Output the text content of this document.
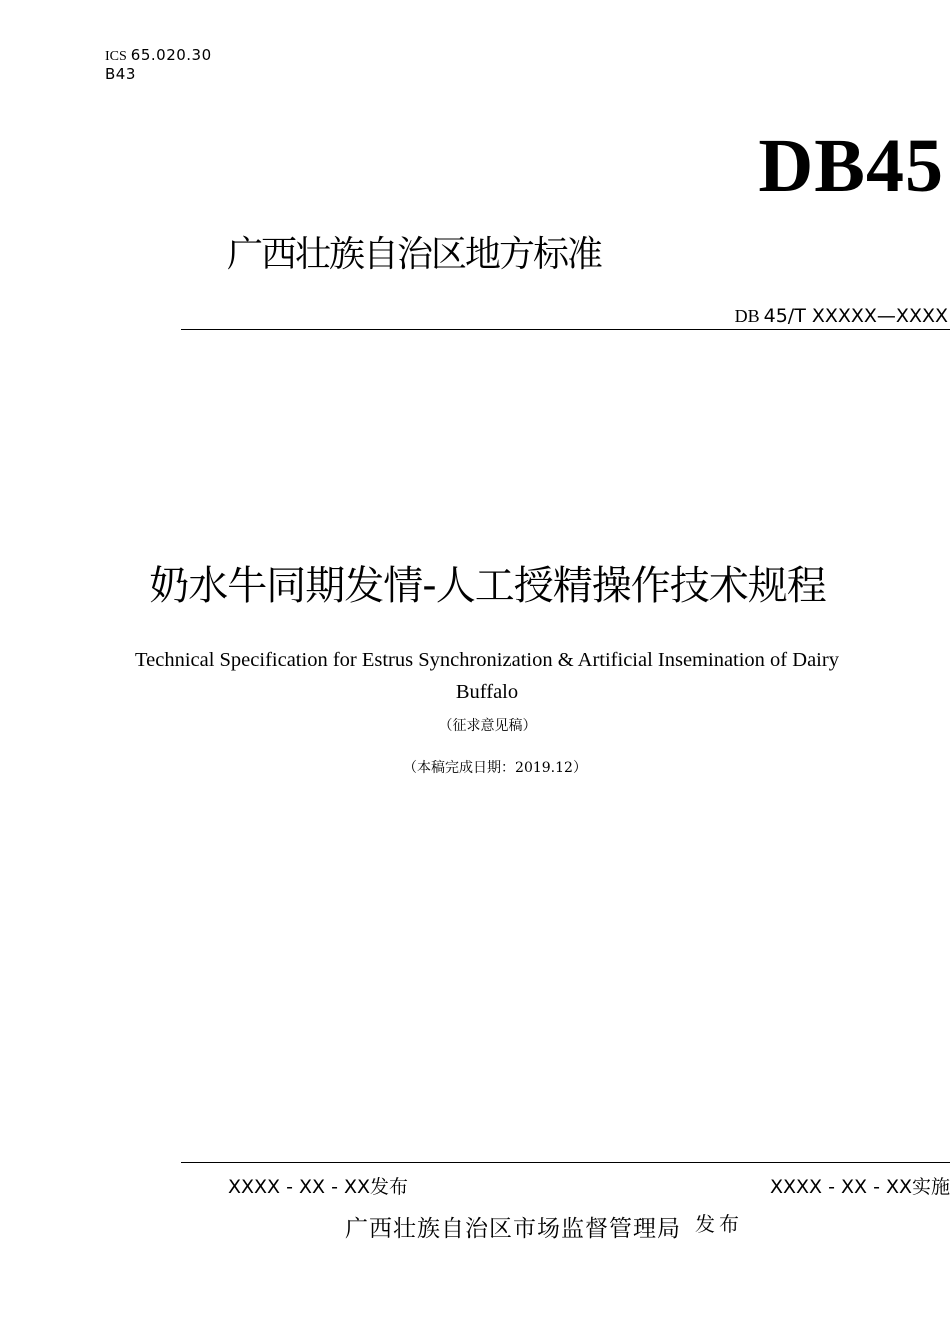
ICS 65.020.30
B43
DB45
广西壮族自治区地方标准
DB 45/T XXXXX—XXXX
奶水牛同期发情-人工授精操作技术规程
Technical Specification for Estrus Synchronization & Artificial Insemination of Dairy Buffalo
（征求意见稿）
（本稿完成日期：2019.12）
XXXX - XX - XX发布	XXXX - XX - XX实施
广西壮族自治区市场监督管理局 发布
